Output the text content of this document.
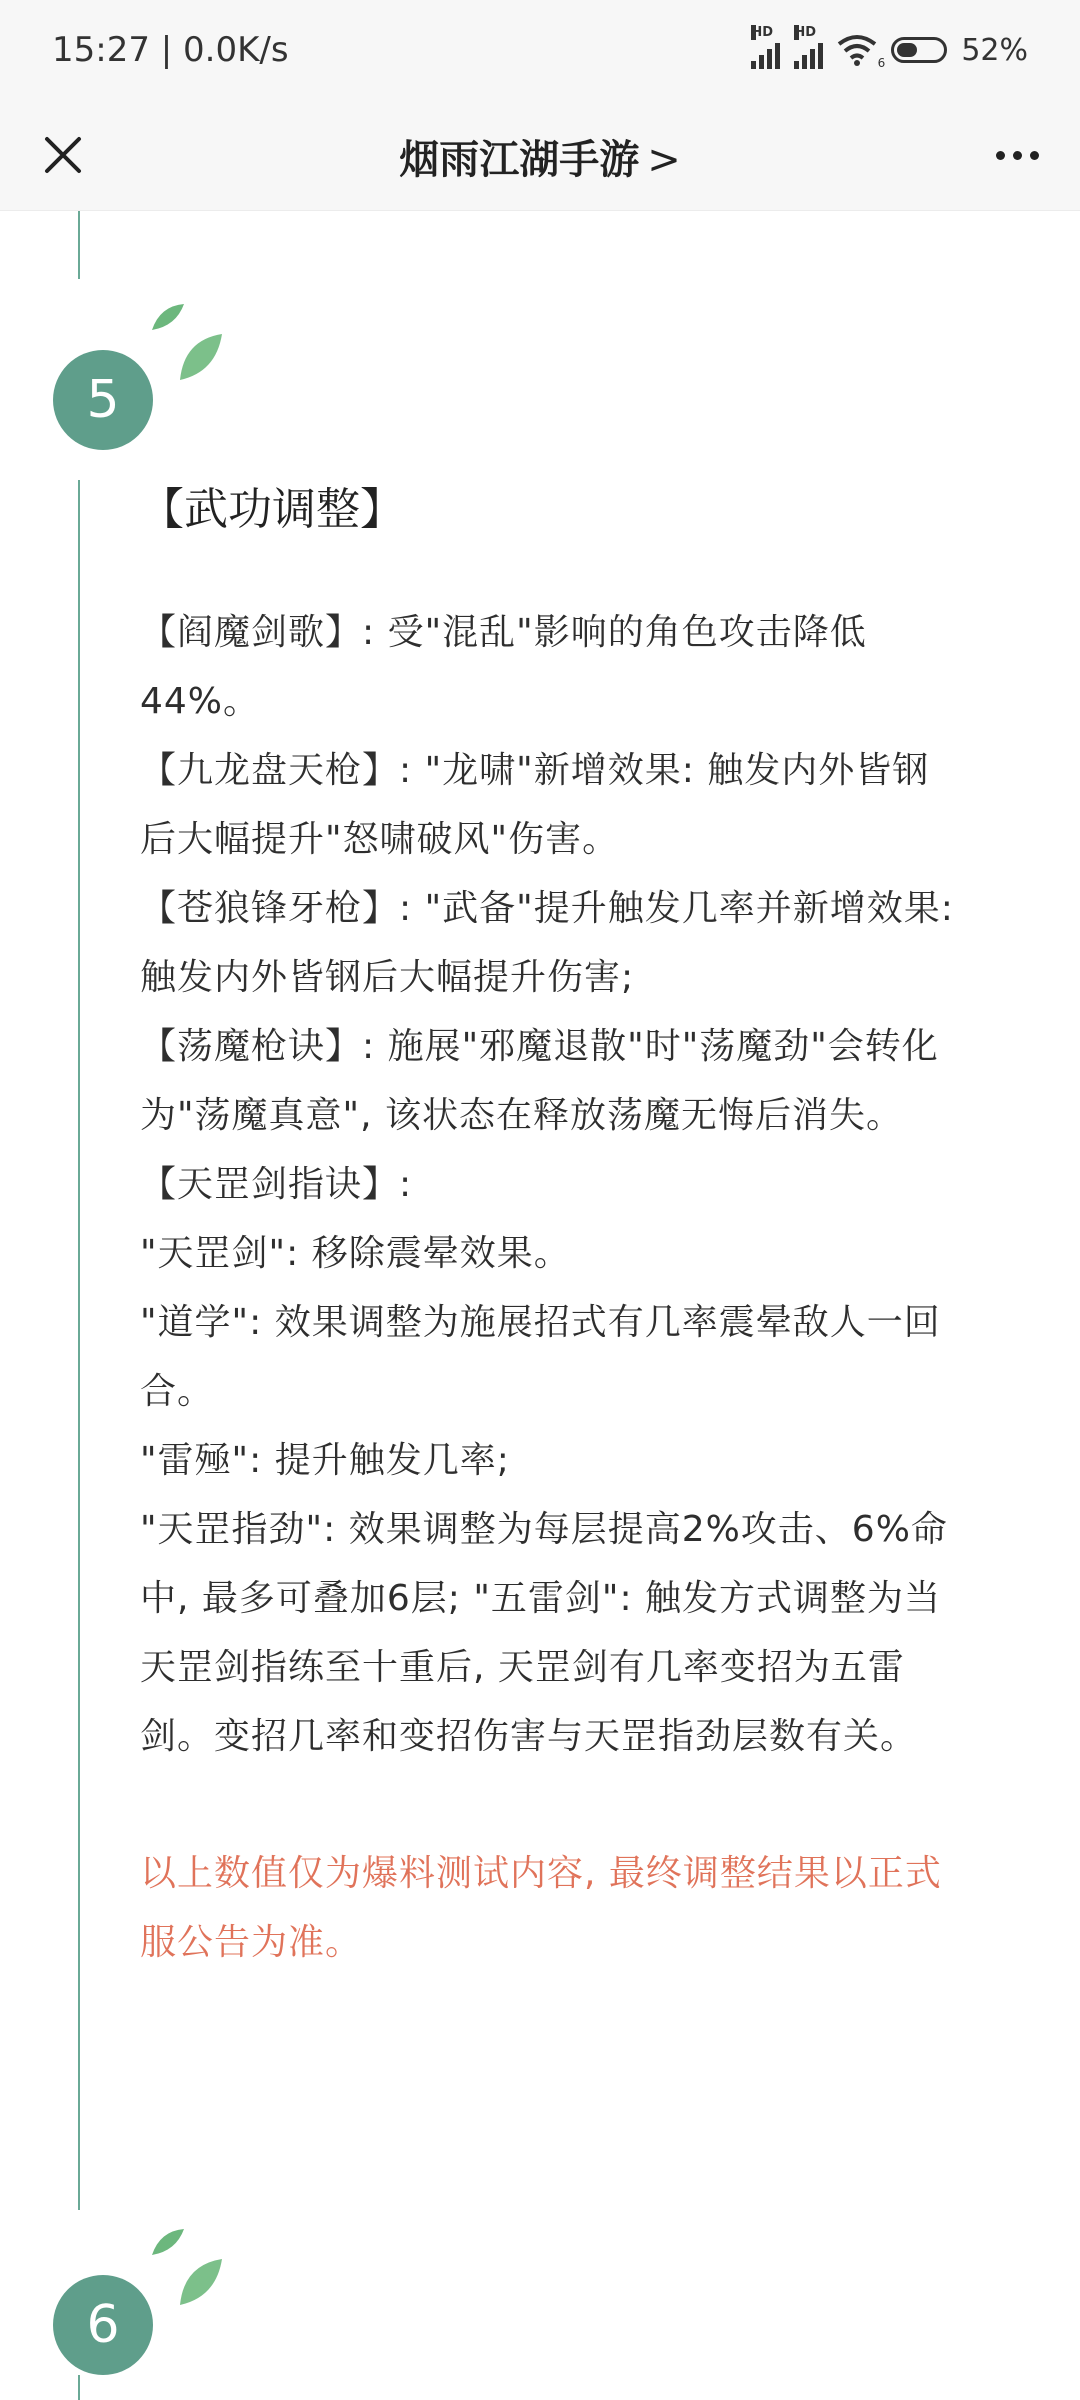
15:27 | 0.0K/s	HD HD
6	52%
烟雨江湖手游 >
5
6
【武功调整】

【阎魔剑歌】: 受"混乱"影响的角色攻击降低44%。

【九龙盘天枪】: "龙啸"新增效果: 触发内外皆钢后大幅提升"怒啸破风"伤害。

【苍狼锋牙枪】: "武备"提升触发几率并新增效果: 触发内外皆钢后大幅提升伤害;

【荡魔枪诀】: 施展"邪魔退散"时"荡魔劲"会转化为"荡魔真意", 该状态在释放荡魔无悔后消失。

【天罡剑指诀】:

"天罡剑": 移除震晕效果。

"道学": 效果调整为施展招式有几率震晕敌人一回合。

"雷殛": 提升触发几率;

"天罡指劲": 效果调整为每层提高2%攻击、6%命中, 最多可叠加6层; "五雷剑": 触发方式调整为当天罡剑指练至十重后, 天罡剑有几率变招为五雷剑。变招几率和变招伤害与天罡指劲层数有关。

以上数值仅为爆料测试内容, 最终调整结果以正式服公告为准。
